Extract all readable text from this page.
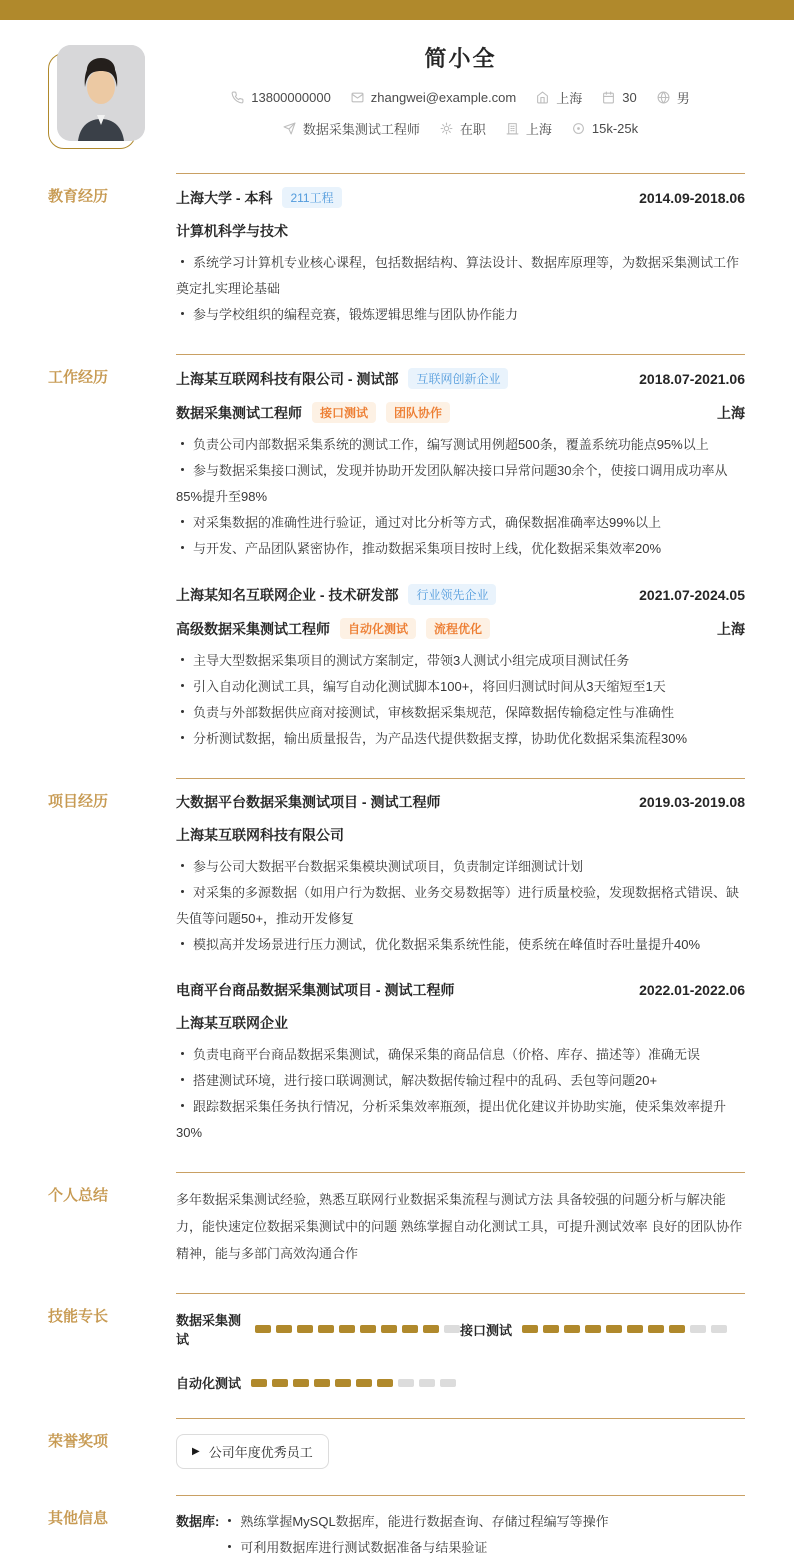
简小全
13800000000	zhangwei@example.com	上海	30	男
数据采集测试工程师	在职	上海	15k-25k
教育经历	上海大学 - 本科	211工程	2014.09-2018.06
计算机科学与技术
系统学习计算机专业核心课程，包括数据结构、算法设计、数据库原理等，为数据采集测试工作奠定扎实理论基础
参与学校组织的编程竞赛，锻炼逻辑思维与团队协作能力
工作经历	上海某互联网科技有限公司 - 测试部	互联网创新企业	2018.07-2021.06
数据采集测试工程师	接口测试	团队协作	上海
负责公司内部数据采集系统的测试工作，编写测试用例超500条，覆盖系统功能点95%以上
参与数据采集接口测试，发现并协助开发团队解决接口异常问题30余个，使接口调用成功率从85%提升至98%
对采集数据的准确性进行验证，通过对比分析等方式，确保数据准确率达99%以上
与开发、产品团队紧密协作，推动数据采集项目按时上线，优化数据采集效率20%
上海某知名互联网企业 - 技术研发部	行业领先企业	2021.07-2024.05
高级数据采集测试工程师	自动化测试	流程优化	上海
主导大型数据采集项目的测试方案制定，带领3人测试小组完成项目测试任务
引入自动化测试工具，编写自动化测试脚本100+，将回归测试时间从3天缩短至1天
负责与外部数据供应商对接测试，审核数据采集规范，保障数据传输稳定性与准确性
分析测试数据，输出质量报告，为产品迭代提供数据支撑，协助优化数据采集流程30%
项目经历	大数据平台数据采集测试项目 - 测试工程师	2019.03-2019.08
上海某互联网科技有限公司
参与公司大数据平台数据采集模块测试项目，负责制定详细测试计划
对采集的多源数据（如用户行为数据、业务交易数据等）进行质量校验，发现数据格式错误、缺失值等问题50+，推动开发修复
模拟高并发场景进行压力测试，优化数据采集系统性能，使系统在峰值时吞吐量提升40%
电商平台商品数据采集测试项目 - 测试工程师	2022.01-2022.06
上海某互联网企业
负责电商平台商品数据采集测试，确保采集的商品信息（价格、库存、描述等）准确无误
搭建测试环境，进行接口联调测试，解决数据传输过程中的乱码、丢包等问题20+
跟踪数据采集任务执行情况，分析采集效率瓶颈，提出优化建议并协助实施，使采集效率提升30%
个人总结	多年数据采集测试经验，熟悉互联网行业数据采集流程与测试方法 具备较强的问题分析与解决能力，能快速定位数据采集测试中的问题 熟练掌握自动化测试工具，可提升测试效率 良好的团队协作精神，能与多部门高效沟通合作
技能专长	数据采集测试
接口测试
自动化测试
荣誉奖项
▶ 公司年度优秀员工
其他信息	数据库:	熟练掌握MySQL数据库，能进行数据查询、存储过程编写等操作
可利用数据库进行测试数据准备与结果验证
